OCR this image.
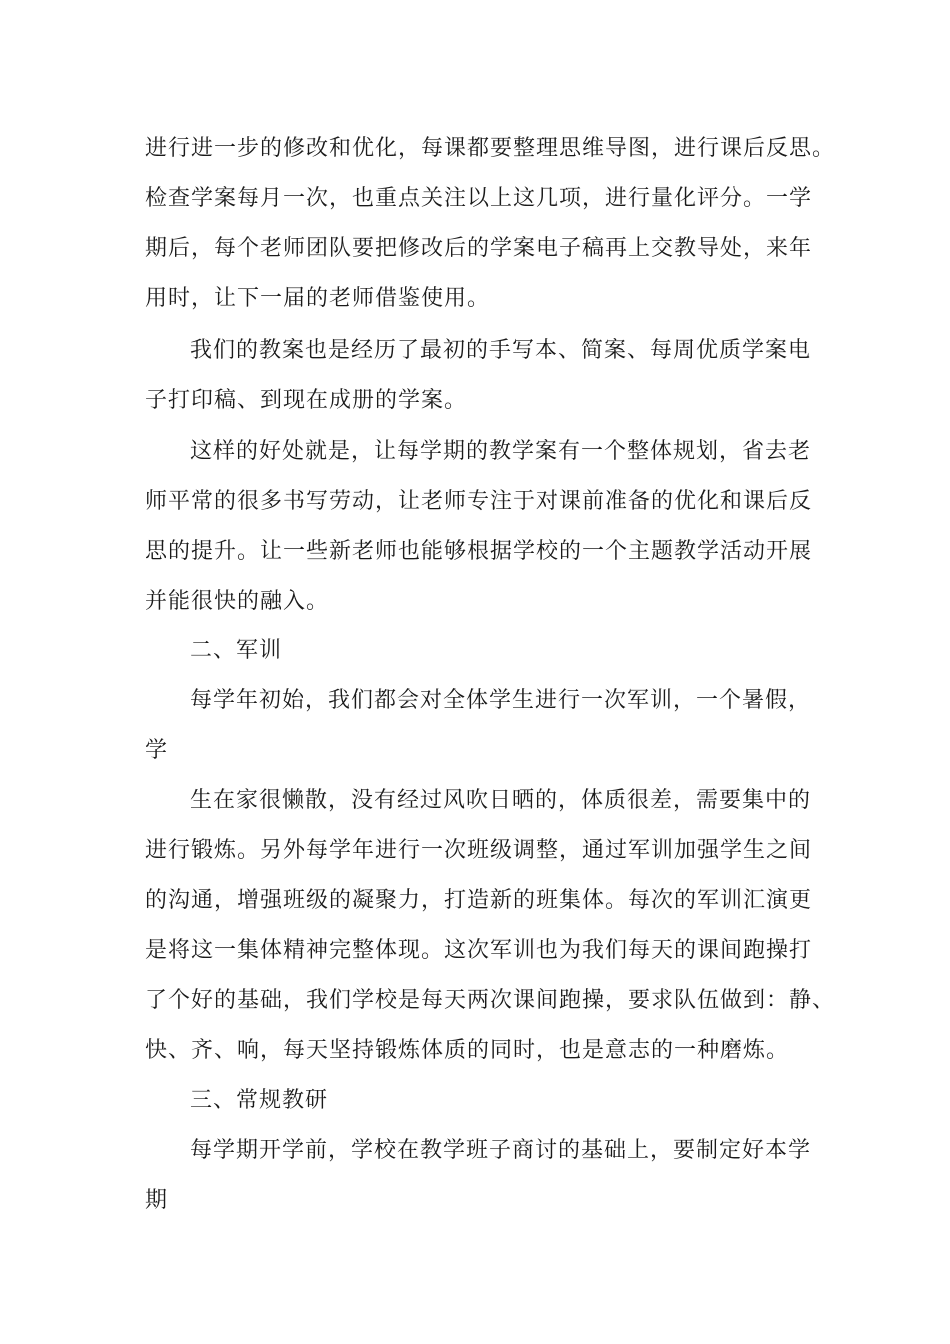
进行进一步的修改和优化，每课都要整理思维导图，进行课后反思。
检查学案每月一次，也重点关注以上这几项，进行量化评分。一学
期后，每个老师团队要把修改后的学案电子稿再上交教导处，来年
用时，让下一届的老师借鉴使用。
我们的教案也是经历了最初的手写本、简案、每周优质学案电
子打印稿、到现在成册的学案。
这样的好处就是，让每学期的教学案有一个整体规划，省去老
师平常的很多书写劳动，让老师专注于对课前准备的优化和课后反
思的提升。让一些新老师也能够根据学校的一个主题教学活动开展
并能很快的融入。
二、军训
每学年初始，我们都会对全体学生进行一次军训，一个暑假，
学
生在家很懒散，没有经过风吹日晒的，体质很差，需要集中的
进行锻炼。另外每学年进行一次班级调整，通过军训加强学生之间
的沟通，增强班级的凝聚力，打造新的班集体。每次的军训汇演更
是将这一集体精神完整体现。这次军训也为我们每天的课间跑操打
了个好的基础，我们学校是每天两次课间跑操，要求队伍做到：静、
快、齐、响，每天坚持锻炼体质的同时，也是意志的一种磨炼。
三、常规教研
每学期开学前，学校在教学班子商讨的基础上，要制定好本学
期
